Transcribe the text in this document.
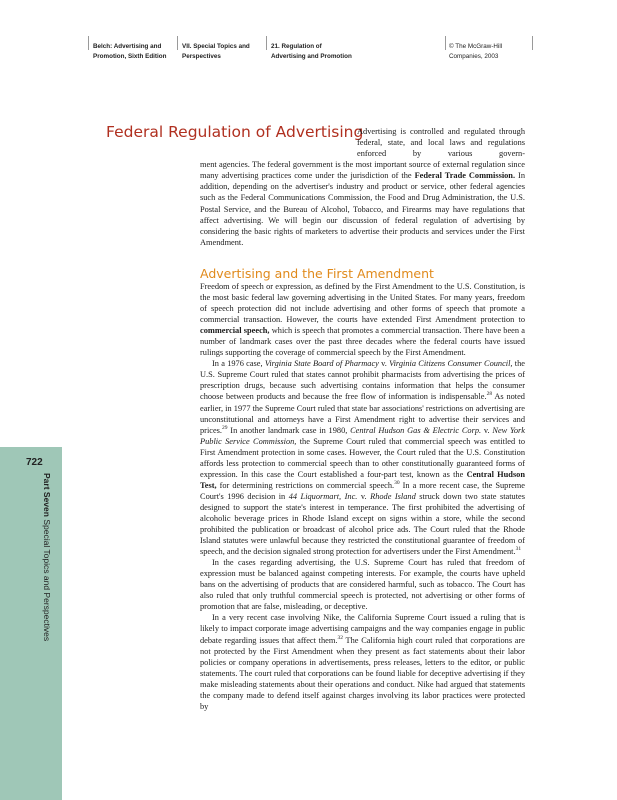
Belch: Advertising and
Promotion, Sixth Edition
VII. Special Topics and
Perspectives
21. Regulation of
Advertising and Promotion
© The McGraw-Hill
Companies, 2003
722
Part Seven Special Topics and Perspectives
Federal Regulation of Advertising

Advertising is controlled and regulated through federal, state, and local laws and regulations enforced by various govern-

ment agencies. The federal government is the most important source of external regulation since many advertising practices come under the jurisdiction of the Federal Trade Commission. In addition, depending on the advertiser's industry and product or service, other federal agencies such as the Federal Communications Commission, the Food and Drug Administration, the U.S. Postal Service, and the Bureau of Alcohol, Tobacco, and Firearms may have regulations that affect advertising. We will begin our discussion of federal regulation of advertising by considering the basic rights of marketers to advertise their products and services under the First Amendment.

Advertising and the First Amendment

Freedom of speech or expression, as defined by the First Amendment to the U.S. Constitution, is the most basic federal law governing advertising in the United States. For many years, freedom of speech protection did not include advertising and other forms of speech that promote a commercial transaction. However, the courts have extended First Amendment protection to commercial speech, which is speech that promotes a commercial transaction. There have been a number of landmark cases over the past three decades where the federal courts have issued rulings supporting the coverage of commercial speech by the First Amendment.

In a 1976 case, Virginia State Board of Pharmacy v. Virginia Citizens Consumer Council, the U.S. Supreme Court ruled that states cannot prohibit pharmacists from advertising the prices of prescription drugs, because such advertising contains information that helps the consumer choose between products and because the free flow of information is indispensable.$^{28}$ As noted earlier, in 1977 the Supreme Court ruled that state bar associations' restrictions on advertising are unconstitutional and attorneys have a First Amendment right to advertise their services and prices.$^{29}$ In another landmark case in 1980, Central Hudson Gas & Electric Corp. v. New York Public Service Commission, the Supreme Court ruled that commercial speech was entitled to First Amendment protection in some cases. However, the Court ruled that the U.S. Constitution affords less protection to commercial speech than to other constitutionally guaranteed forms of expression. In this case the Court established a four-part test, known as the Central Hudson Test, for determining restrictions on commercial speech.$^{30}$ In a more recent case, the Supreme Court's 1996 decision in 44 Liquormart, Inc. v. Rhode Island struck down two state statutes designed to support the state's interest in temperance. The first prohibited the advertising of alcoholic beverage prices in Rhode Island except on signs within a store, while the second prohibited the publication or broadcast of alcohol price ads. The Court ruled that the Rhode Island statutes were unlawful because they restricted the constitutional guarantee of freedom of speech, and the decision signaled strong protection for advertisers under the First Amendment.$^{31}$

In the cases regarding advertising, the U.S. Supreme Court has ruled that freedom of expression must be balanced against competing interests. For example, the courts have upheld bans on the advertising of products that are considered harmful, such as tobacco. The Court has also ruled that only truthful commercial speech is protected, not advertising or other forms of promotion that are false, misleading, or deceptive.

In a very recent case involving Nike, the California Supreme Court issued a ruling that is likely to impact corporate image advertising campaigns and the way companies engage in public debate regarding issues that affect them.$^{32}$ The California high court ruled that corporations are not protected by the First Amendment when they present as fact statements about their labor policies or company operations in advertisements, press releases, letters to the editor, or public statements. The court ruled that corporations can be found liable for deceptive advertising if they make misleading statements about their operations and conduct. Nike had argued that statements the company made to defend itself against charges involving its labor practices were protected by
